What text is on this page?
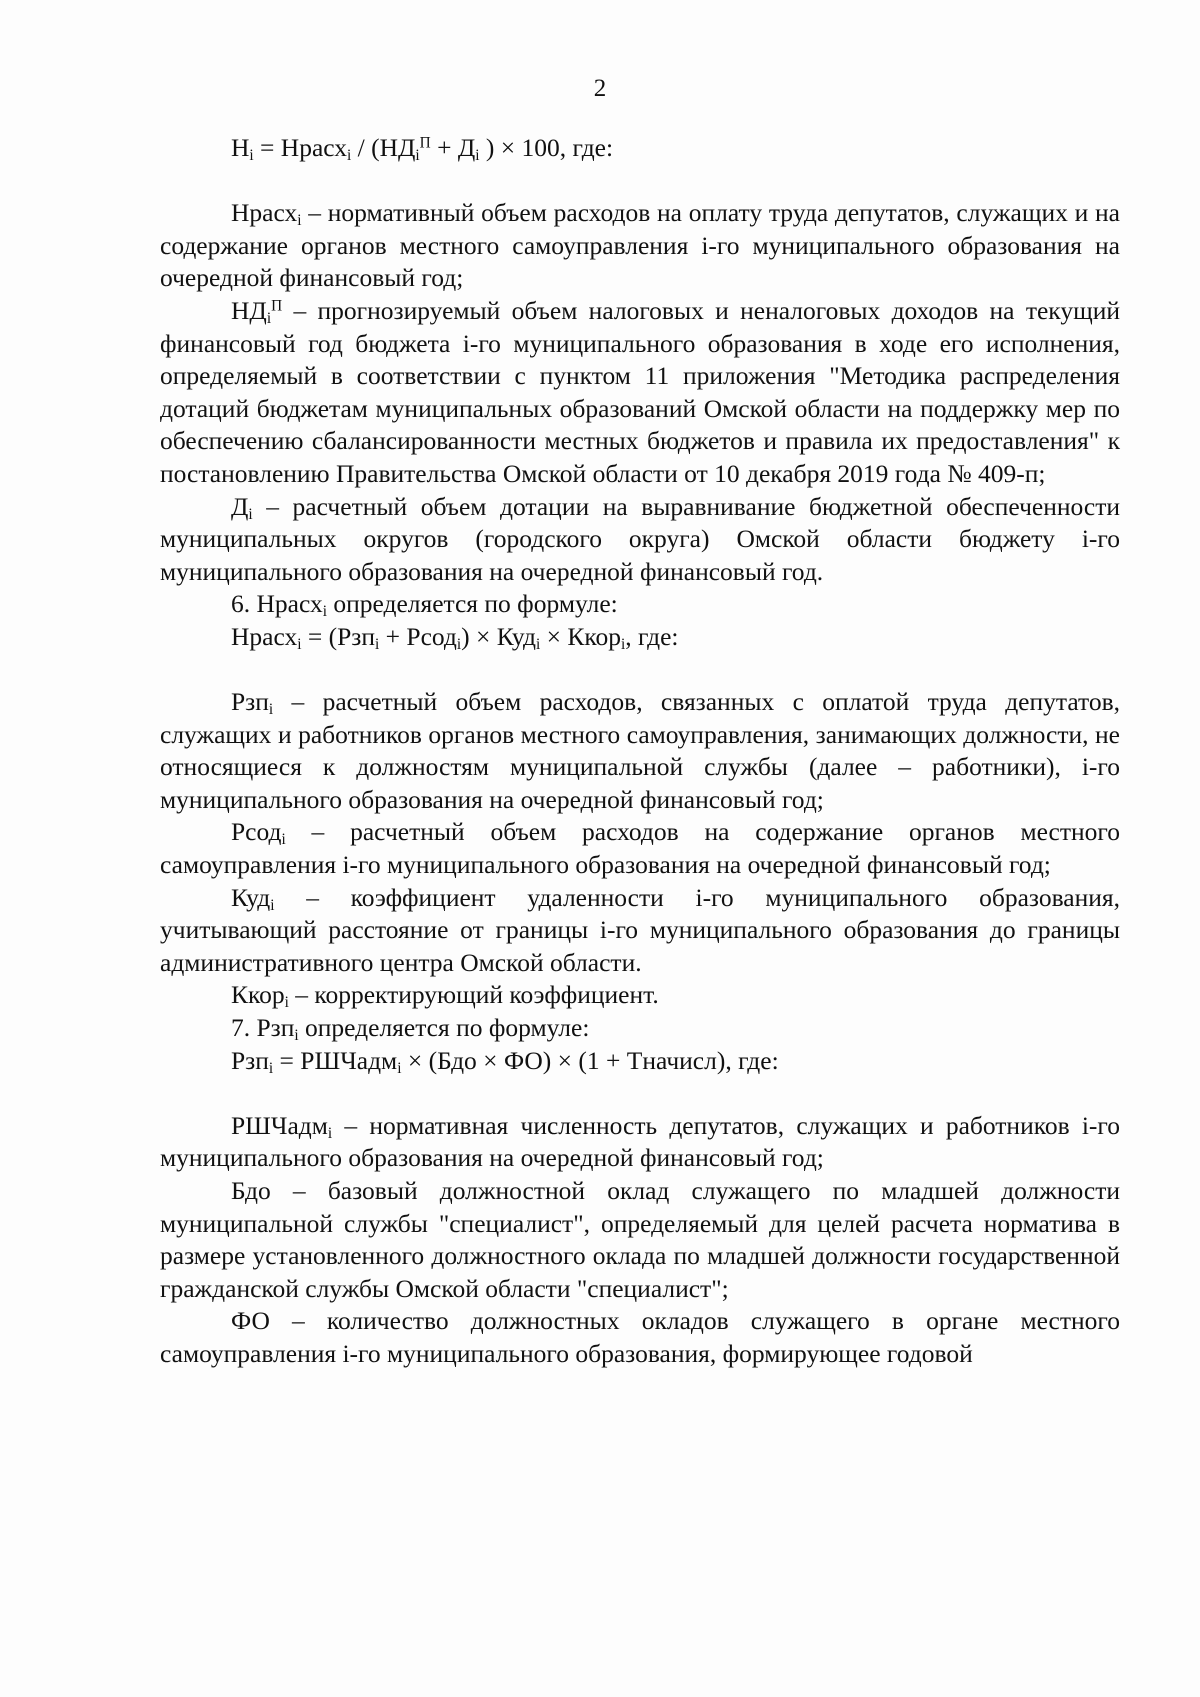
2

$Н_i$ = Нрасх$_i$ / ($НД_i^П + Д_i$ ) × 100, где:

Нрасх$_i$ – нормативный объем расходов на оплату труда депутатов, служащих и на содержание органов местного самоуправления i-го муниципального образования на очередной финансовый год;

$НД_i^П$ – прогнозируемый объем налоговых и неналоговых доходов на текущий финансовый год бюджета i-го муниципального образования в ходе его исполнения, определяемый в соответствии с пунктом 11 приложения "Методика распределения дотаций бюджетам муниципальных образований Омской области на поддержку мер по обеспечению сбалансированности местных бюджетов и правила их предоставления" к постановлению Правительства Омской области от 10 декабря 2019 года № 409-п;

$Д_i$ – расчетный объем дотации на выравнивание бюджетной обеспеченности муниципальных округов (городского округа) Омской области бюджету i-го муниципального образования на очередной финансовый год.

6. Нрасх$_i$ определяется по формуле:

Нрасх$_i$ = (Рзп$_i$ + Рсод$_i$) × Куд$_i$ × Ккор$_i$, где:

Рзп$_i$ – расчетный объем расходов, связанных с оплатой труда депутатов, служащих и работников органов местного самоуправления, занимающих должности, не относящиеся к должностям муниципальной службы (далее – работники), i-го муниципального образования на очередной финансовый год;

Рсод$_i$ – расчетный объем расходов на содержание органов местного самоуправления i-го муниципального образования на очередной финансовый год;

Куд$_i$ – коэффициент удаленности i-го муниципального образования, учитывающий расстояние от границы i-го муниципального образования до границы административного центра Омской области.

Ккор$_i$ – корректирующий коэффициент.

7. Рзп$_i$ определяется по формуле:

Рзп$_i$ = РШЧадм$_i$ × (Бдо × ФО) × (1 + Тначисл), где:

РШЧадм$_i$ – нормативная численность депутатов, служащих и работников i-го муниципального образования на очередной финансовый год;

Бдо – базовый должностной оклад служащего по младшей должности муниципальной службы "специалист", определяемый для целей расчета норматива в размере установленного должностного оклада по младшей должности государственной гражданской службы Омской области "специалист";

ФО – количество должностных окладов служащего в органе местного самоуправления i-го муниципального образования, формирующее годовой
